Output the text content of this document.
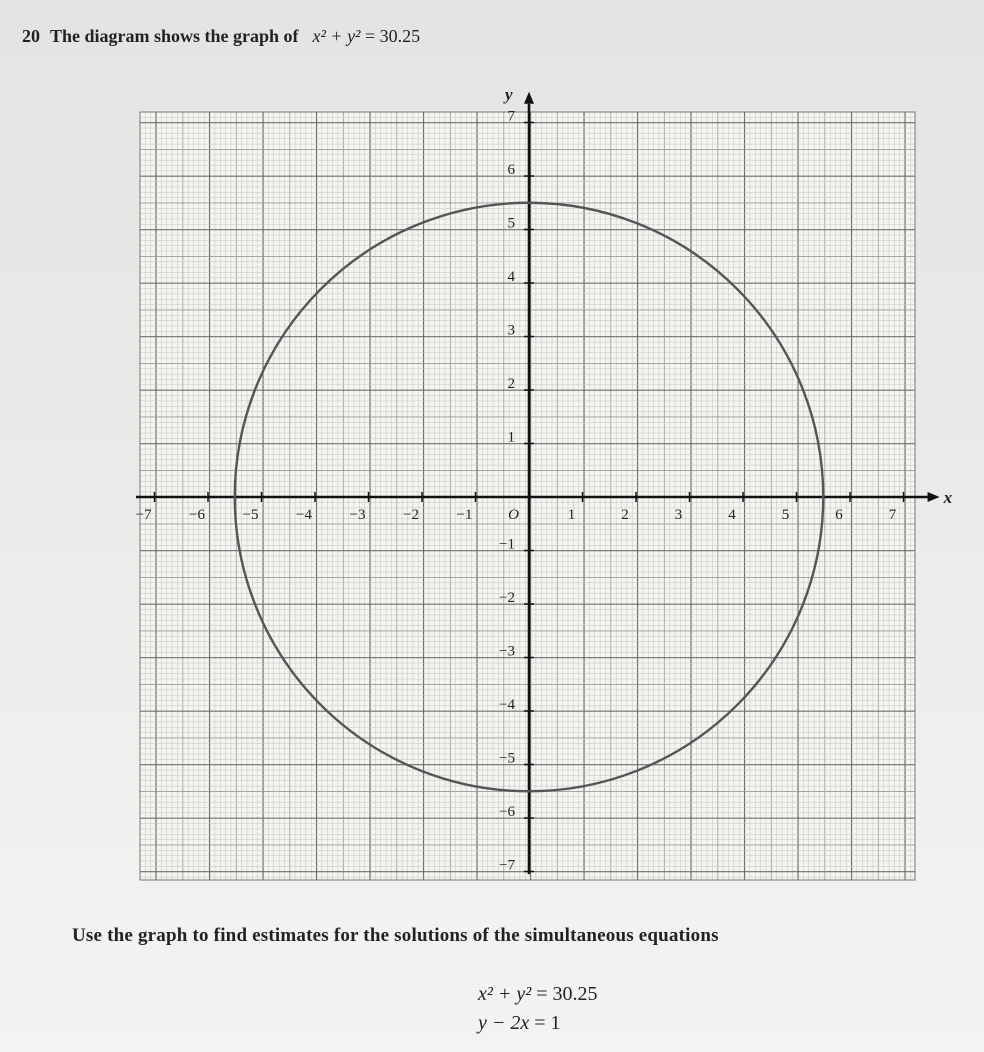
20 The diagram shows the graph of x² + y² = 30.25
−7	−6	−5	−4	−3	−2	−1	1	2	3	4	5	6	7
7
6
5
4
3
2
1
−1
−2
−3
−4
−5
−6
−7
O
x
y
Use the graph to find estimates for the solutions of the simultaneous equations
x² + y² = 30.25
y − 2x = 1
